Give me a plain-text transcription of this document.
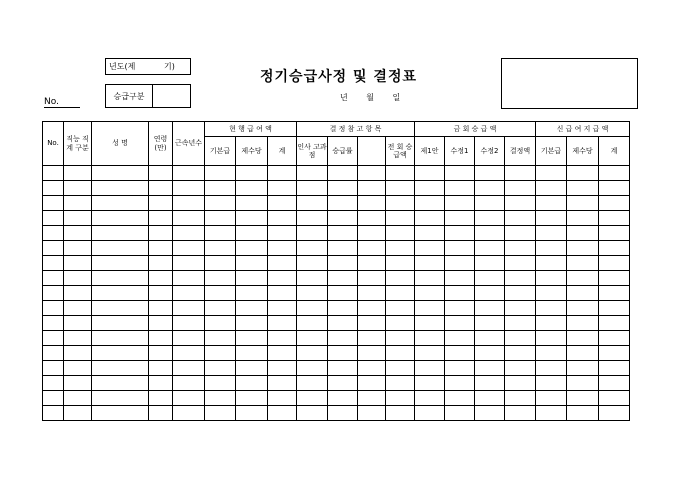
No.
년도(제	기)
승급구분
정기승급사정 및 결정표
년 월 일
No.	직능 직계 구분	성 명	연령 (만)	근속년수	현 행 급 여 액			결 정 참 고 항 목				금 회 승 급 액				신 급 여 지 급 액		
					기본급	제수당	계	인사 고과점	승급률		전 회 승급액	제1안	수정1	수정2	결정액	기본급	제수당	계
